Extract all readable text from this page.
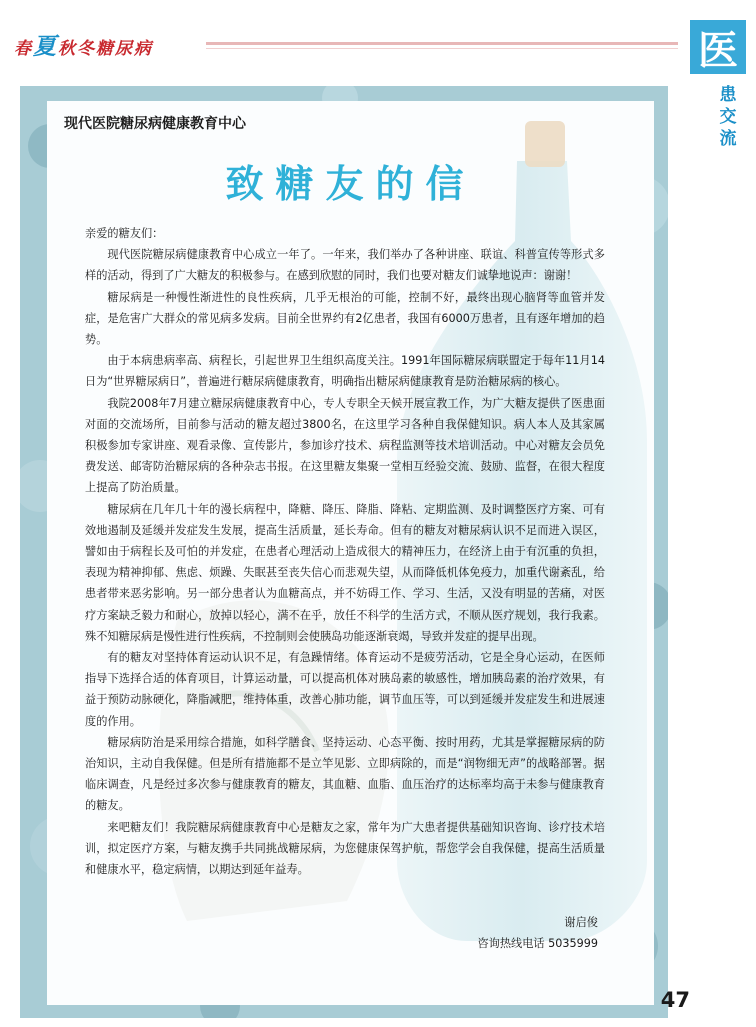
春夏秋冬糖尿病	医
患交流
现代医院糖尿病健康教育中心
致糖友的信

亲爱的糖友们：

现代医院糖尿病健康教育中心成立一年了。一年来，我们举办了各种讲座、联谊、科普宣传等形式多样的活动，得到了广大糖友的积极参与。在感到欣慰的同时，我们也要对糖友们诚挚地说声：谢谢！

糖尿病是一种慢性渐进性的良性疾病，几乎无根治的可能，控制不好，最终出现心脑肾等血管并发症，是危害广大群众的常见病多发病。目前全世界约有2亿患者，我国有6000万患者，且有逐年增加的趋势。

由于本病患病率高、病程长，引起世界卫生组织高度关注。1991年国际糖尿病联盟定于每年11月14日为“世界糖尿病日”，普遍进行糖尿病健康教育，明确指出糖尿病健康教育是防治糖尿病的核心。

我院2008年7月建立糖尿病健康教育中心，专人专职全天候开展宣教工作，为广大糖友提供了医患面对面的交流场所，目前参与活动的糖友超过3800名，在这里学习各种自我保健知识。病人本人及其家属积极参加专家讲座、观看录像、宣传影片，参加诊疗技术、病程监测等技术培训活动。中心对糖友会员免费发送、邮寄防治糖尿病的各种杂志书报。在这里糖友集聚一堂相互经验交流、鼓励、监督，在很大程度上提高了防治质量。

糖尿病在几年几十年的漫长病程中，降糖、降压、降脂、降粘、定期监测、及时调整医疗方案、可有效地遏制及延缓并发症发生发展，提高生活质量，延长寿命。但有的糖友对糖尿病认识不足而进入误区，譬如由于病程长及可怕的并发症，在患者心理活动上造成很大的精神压力，在经济上由于有沉重的负担，表现为精神抑郁、焦虑、烦躁、失眠甚至丧失信心而悲观失望，从而降低机体免疫力，加重代谢紊乱，给患者带来恶劣影响。另一部分患者认为血糖高点，并不妨碍工作、学习、生活，又没有明显的苦痛，对医疗方案缺乏毅力和耐心，放掉以轻心，满不在乎，放任不科学的生活方式，不顺从医疗规划，我行我素。殊不知糖尿病是慢性进行性疾病，不控制则会使胰岛功能逐渐衰竭，导致并发症的提早出现。

有的糖友对坚持体育运动认识不足，有急躁情绪。体育运动不是疲劳活动，它是全身心运动，在医师指导下选择合适的体育项目，计算运动量，可以提高机体对胰岛素的敏感性，增加胰岛素的治疗效果，有益于预防动脉硬化，降脂减肥，维持体重，改善心肺功能，调节血压等，可以到延缓并发症发生和进展速度的作用。

糖尿病防治是采用综合措施，如科学膳食、坚持运动、心态平衡、按时用药，尤其是掌握糖尿病的防治知识，主动自我保健。但是所有措施都不是立竿见影、立即病除的，而是“润物细无声”的战略部署。据临床调查，凡是经过多次参与健康教育的糖友，其血糖、血脂、血压治疗的达标率均高于未参与健康教育的糖友。

来吧糖友们！我院糖尿病健康教育中心是糖友之家，常年为广大患者提供基础知识咨询、诊疗技术培训，拟定医疗方案，与糖友携手共同挑战糖尿病，为您健康保驾护航，帮您学会自我保健，提高生活质量和健康水平，稳定病情，以期达到延年益寿。

谢启俊
咨询热线电话 5035999
47
